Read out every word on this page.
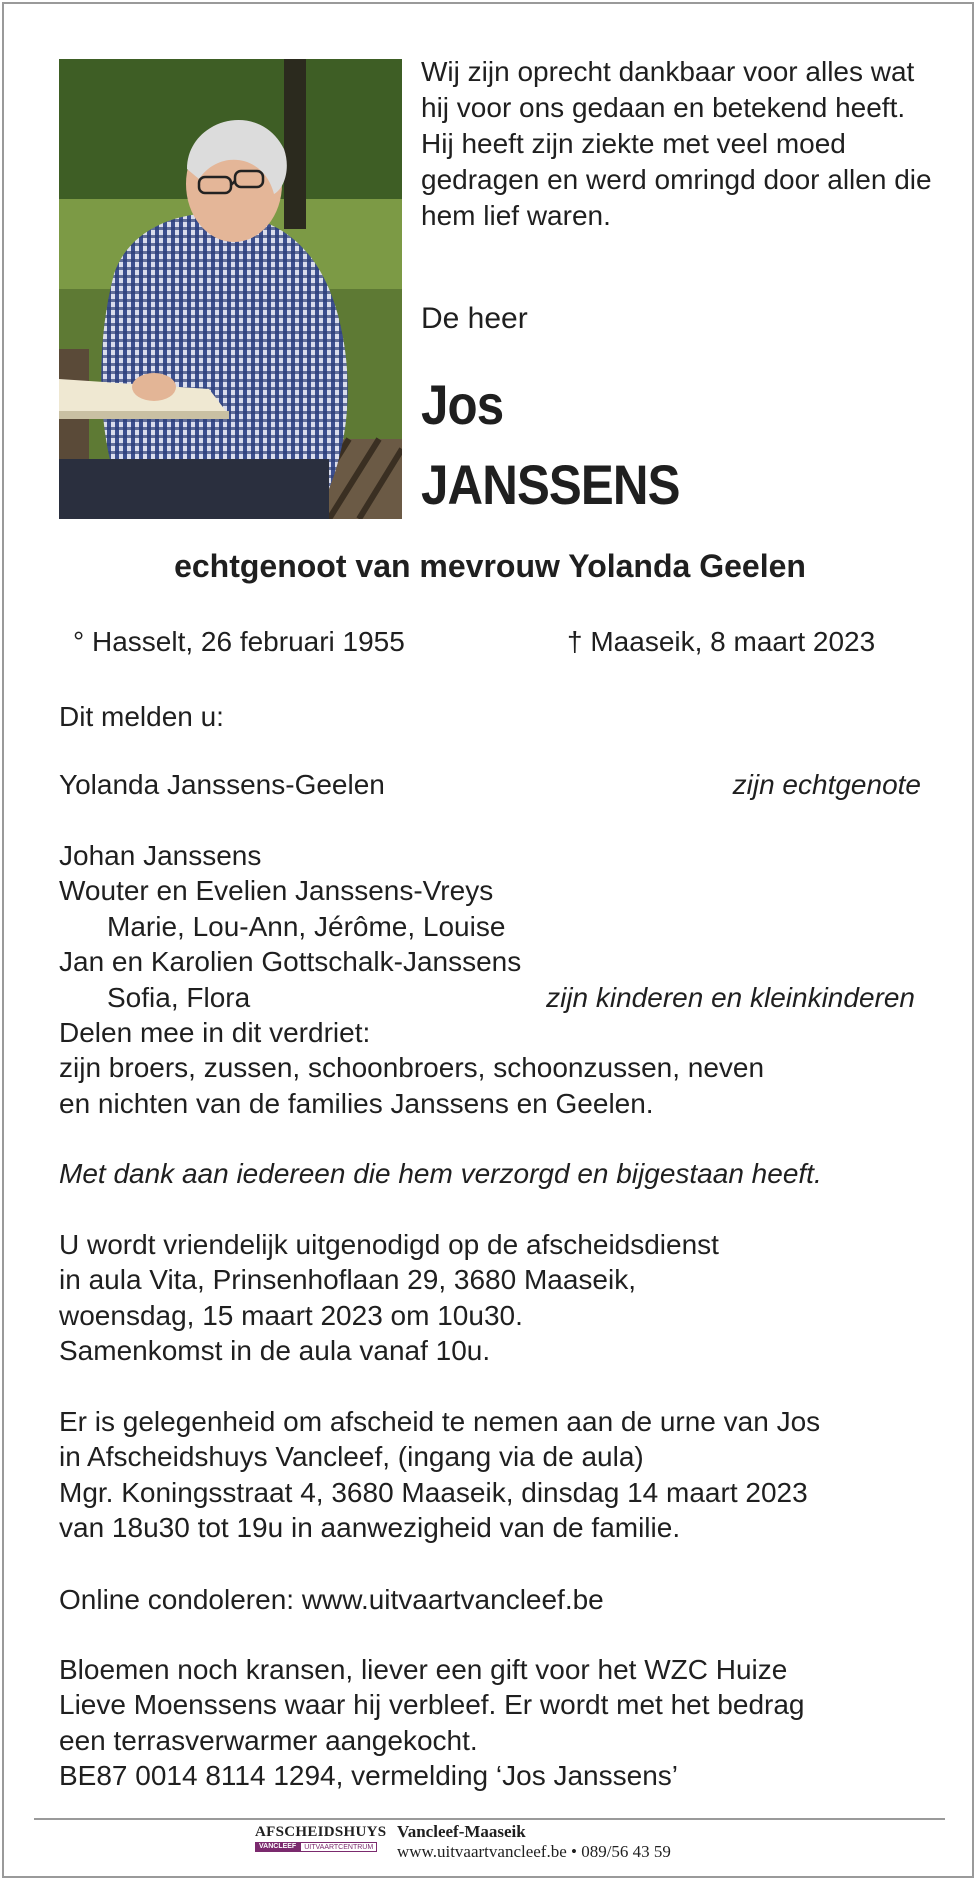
Wij zijn oprecht dankbaar voor alles wat hij voor ons gedaan en betekend heeft. Hij heeft zijn ziekte met veel moed gedragen en werd omringd door allen die hem lief waren.

De heer
Jos
JANSSENS
echtgenoot van mevrouw Yolanda Geelen
° Hasselt, 26 februari 1955	† Maaseik, 8 maart 2023
Dit melden u:
Yolanda Janssens-Geelen	zijn echtgenote
Johan Janssens
Wouter en Evelien Janssens-Vreys
Marie, Lou-Ann, Jérôme, Louise
Jan en Karolien Gottschalk-Janssens
Sofia, Flora	zijn kinderen en kleinkinderen
Delen mee in dit verdriet:
zijn broers, zussen, schoonbroers, schoonzussen, neven
en nichten van de families Janssens en Geelen.
Met dank aan iedereen die hem verzorgd en bijgestaan heeft.
U wordt vriendelijk uitgenodigd op de afscheidsdienst
in aula Vita, Prinsenhoflaan 29, 3680 Maaseik,
woensdag, 15 maart 2023 om 10u30.
Samenkomst in de aula vanaf 10u.
Er is gelegenheid om afscheid te nemen aan de urne van Jos
in Afscheidshuys Vancleef, (ingang via de aula)
Mgr. Koningsstraat 4, 3680 Maaseik, dinsdag 14 maart 2023
van 18u30 tot 19u in aanwezigheid van de familie.
Online condoleren: www.uitvaartvancleef.be
Bloemen noch kransen, liever een gift voor het WZC Huize
Lieve Moenssens waar hij verbleef. Er wordt met het bedrag
een terrasverwarmer aangekocht.
BE87 0014 8114 1294, vermelding ‘Jos Janssens’
AFSCHEIDSHUYS
VANCLEEF	UITVAARTCENTRUM
Vancleef-Maaseik
www.uitvaartvancleef.be • 089/56 43 59
